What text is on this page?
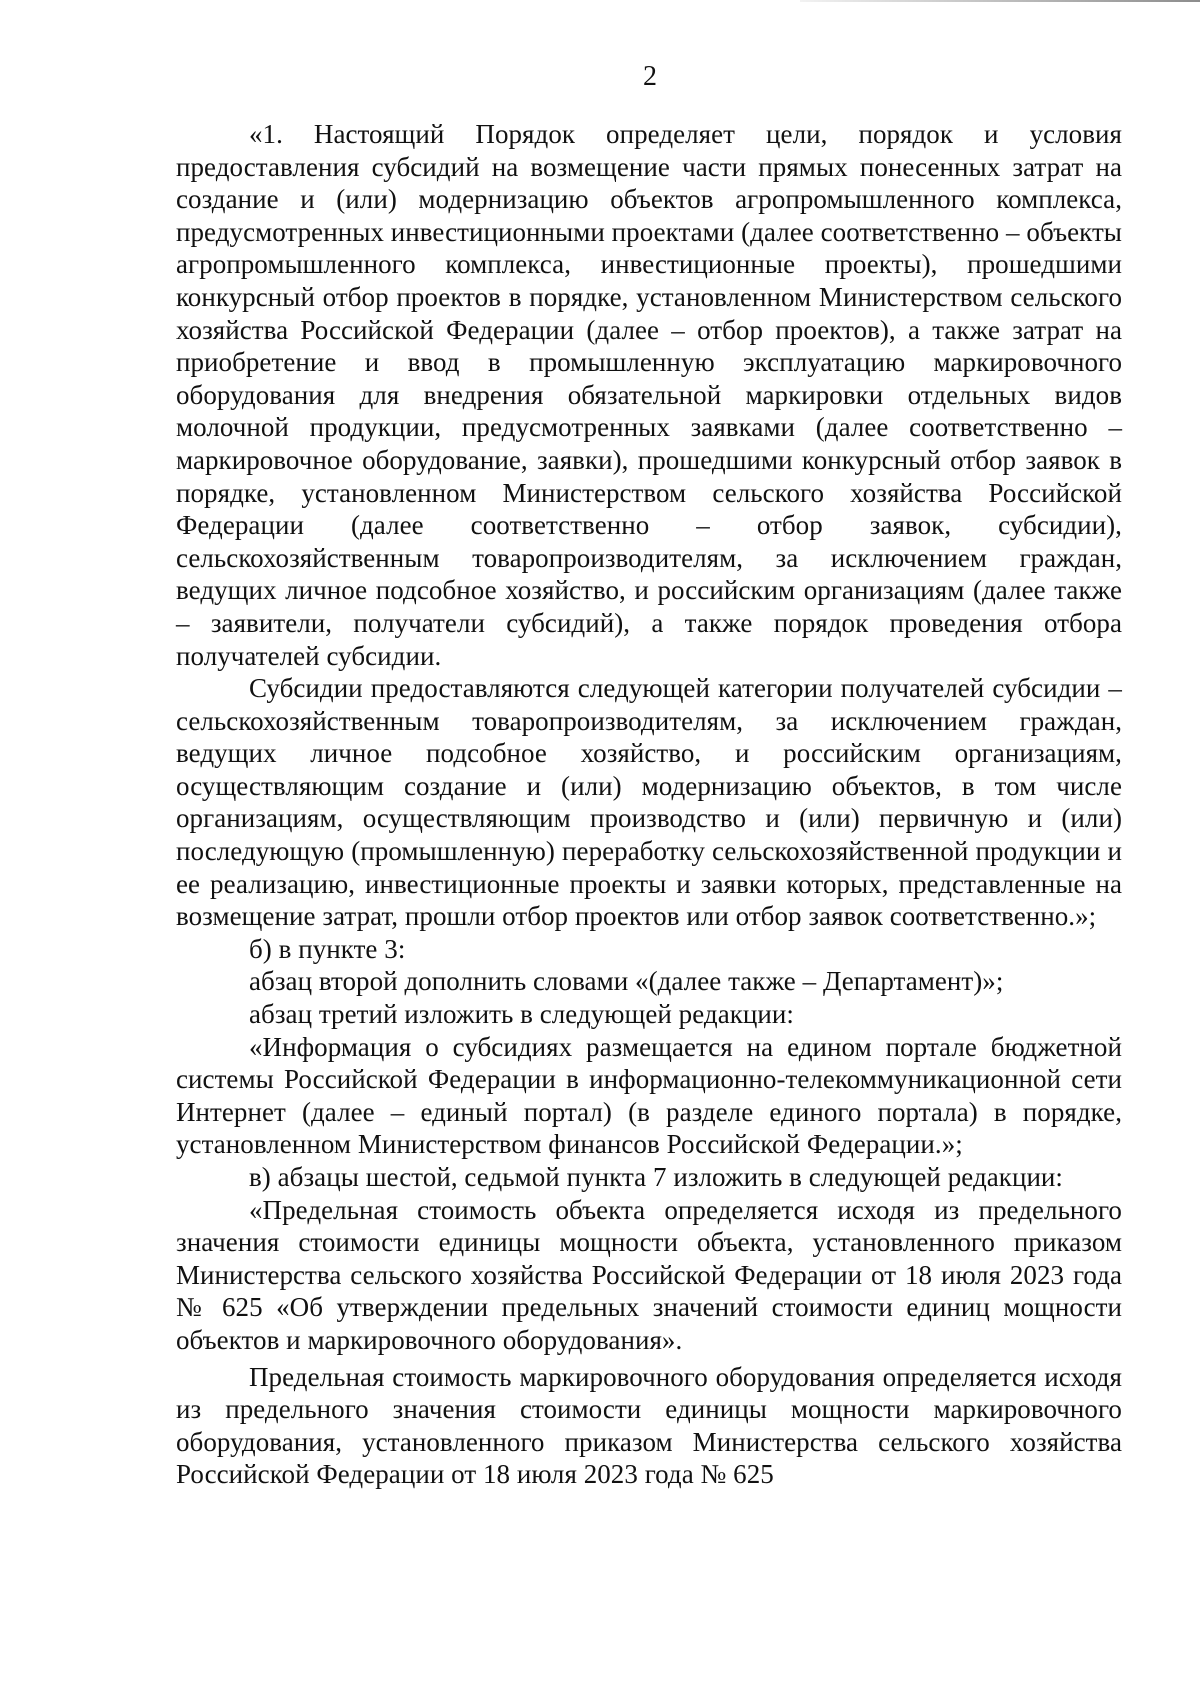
2

«1. Настоящий Порядок определяет цели, порядок и условия предоставления субсидий на возмещение части прямых понесенных затрат на создание и (или) модернизацию объектов агропромышленного комплекса, предусмотренных инвестиционными проектами (далее соответственно – объекты агропромышленного комплекса, инвестиционные проекты), прошедшими конкурсный отбор проектов в порядке, установленном Министерством сельского хозяйства Российской Федерации (далее – отбор проектов), а также затрат на приобретение и ввод в промышленную эксплуатацию маркировочного оборудования для внедрения обязательной маркировки отдельных видов молочной продукции, предусмотренных заявками (далее соответственно – маркировочное оборудование, заявки), прошедшими конкурсный отбор заявок в порядке, установленном Министерством сельского хозяйства Российской Федерации (далее соответственно – отбор заявок, субсидии), сельскохозяйственным товаропроизводителям, за исключением граждан, ведущих личное подсобное хозяйство, и российским организациям (далее также – заявители, получатели субсидий), а также порядок проведения отбора получателей субсидии.

Субсидии предоставляются следующей категории получателей субсидии – сельскохозяйственным товаропроизводителям, за исключением граждан, ведущих личное подсобное хозяйство, и российским организациям, осуществляющим создание и (или) модернизацию объектов, в том числе организациям, осуществляющим производство и (или) первичную и (или) последующую (промышленную) переработку сельскохозяйственной продукции и ее реализацию, инвестиционные проекты и заявки которых, представленные на возмещение затрат, прошли отбор проектов или отбор заявок соответственно.»;

б) в пункте 3:

абзац второй дополнить словами «(далее также – Департамент)»;

абзац третий изложить в следующей редакции:

«Информация о субсидиях размещается на едином портале бюджетной системы Российской Федерации в информационно-телекоммуникационной сети Интернет (далее – единый портал) (в разделе единого портала) в порядке, установленном Министерством финансов Российской Федерации.»;

в) абзацы шестой, седьмой пункта 7 изложить в следующей редакции:

«Предельная стоимость объекта определяется исходя из предельного значения стоимости единицы мощности объекта, установленного приказом Министерства сельского хозяйства Российской Федерации от 18 июля 2023 года № 625 «Об утверждении предельных значений стоимости единиц мощности объектов и маркировочного оборудования».

Предельная стоимость маркировочного оборудования определяется исходя из предельного значения стоимости единицы мощности маркировочного оборудования, установленного приказом Министерства сельского хозяйства Российской Федерации от 18 июля 2023 года № 625
